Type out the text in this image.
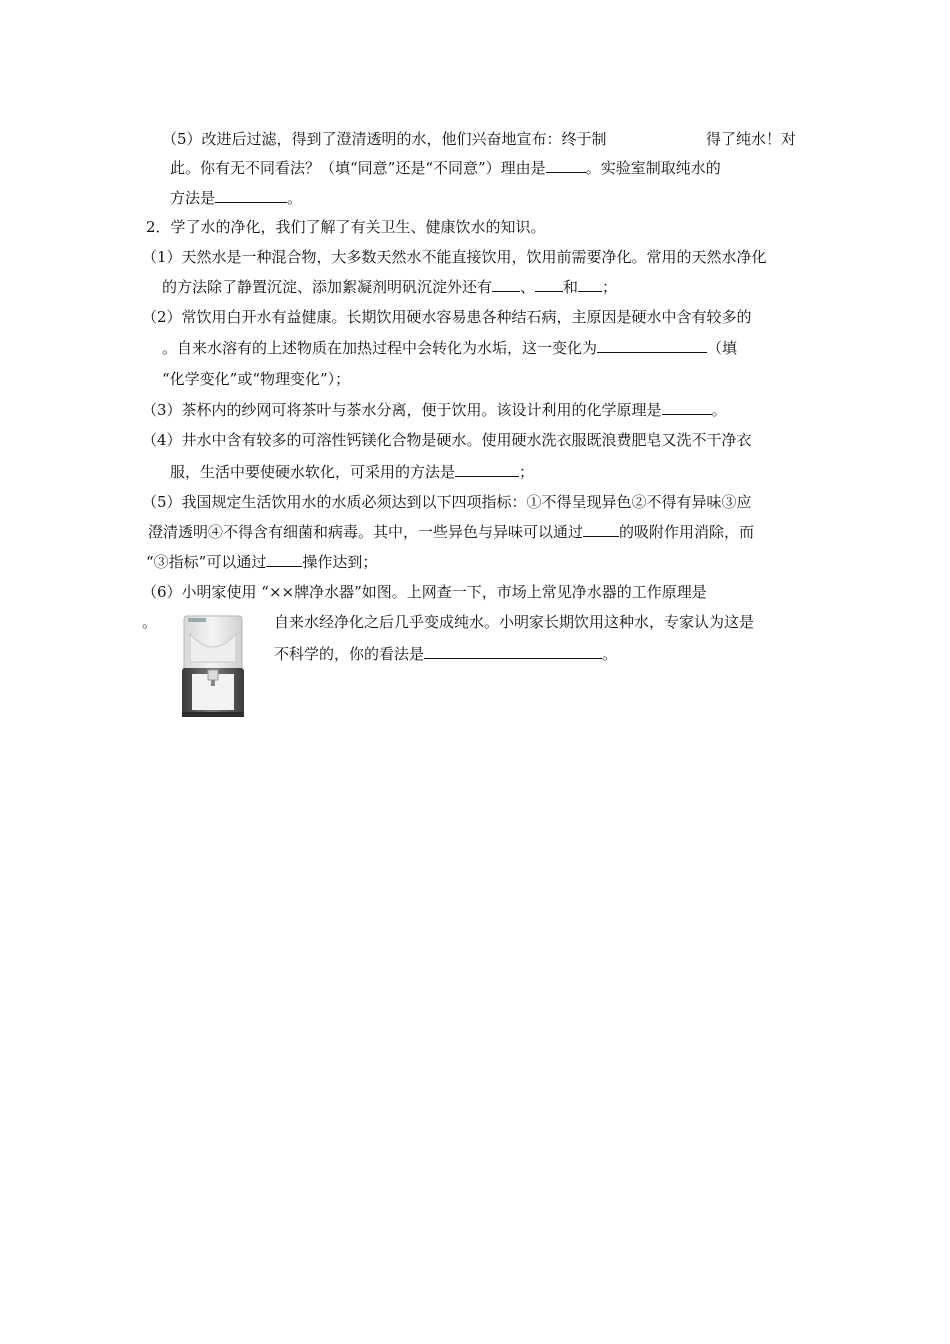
（5）改进后过滤，得到了澄清透明的水，他们兴奋地宣布：终于制	得了纯水！对
此。你有无不同看法？（填“同意”还是“不同意”）理由是	。实验室制取纯水的
方法是	。
2．学了水的净化，我们了解了有关卫生、健康饮水的知识。
（1）天然水是一种混合物，大多数天然水不能直接饮用，饮用前需要净化。常用的天然水净化
的方法除了静置沉淀、添加絮凝剂明矾沉淀外还有 、 和 ；
（2）常饮用白开水有益健康。长期饮用硬水容易患各种结石病，主原因是硬水中含有较多的
。自来水溶有的上述物质在加热过程中会转化为水垢，这一变化为	（填
“化学变化”或“物理变化”）；
（3）茶杯内的纱网可将茶叶与茶水分离，便于饮用。该设计利用的化学原理是	。
（4）井水中含有较多的可溶性钙镁化合物是硬水。使用硬水洗衣服既浪费肥皂又洗不干净衣
服，生活中要使硬水软化，可采用的方法是	；
（5）我国规定生活饮用水的水质必须达到以下四项指标：①不得呈现异色②不得有异味③应
澄清透明④不得含有细菌和病毒。其中，一些异色与异味可以通过 的吸附作用消除，而
“③指标”可以通过 操作达到；
（6）小明家使用 “××牌净水器”如图。上网查一下，市场上常见净水器的工作原理是
。	自来水经净化之后几乎变成纯水。小明家长期饮用这种水，专家认为这是
不科学的，你的看法是	。
